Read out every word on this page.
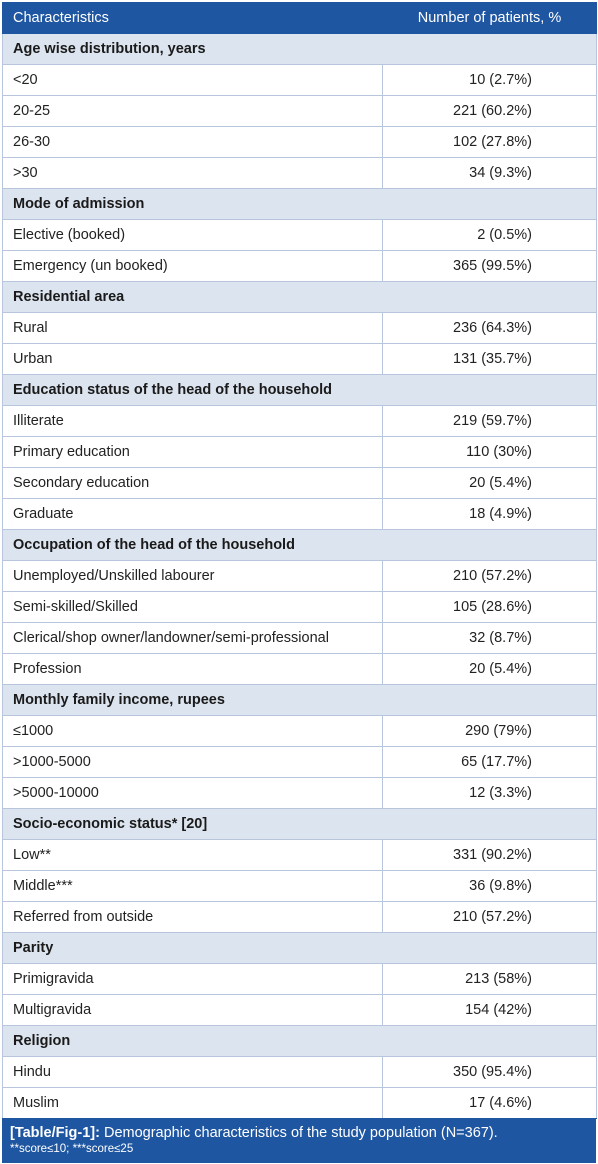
Characteristics	Number of patients, %
Age wise distribution, years	
<20	10 (2.7%)
20-25	221 (60.2%)
26-30	102 (27.8%)
>30	34 (9.3%)
Mode of admission	
Elective (booked)	2 (0.5%)
Emergency (un booked)	365 (99.5%)
Residential area	
Rural	236 (64.3%)
Urban	131 (35.7%)
Education status of the head of the household	
Illiterate	219 (59.7%)
Primary education	110 (30%)
Secondary education	20 (5.4%)
Graduate	18 (4.9%)
Occupation of the head of the household	
Unemployed/Unskilled labourer	210 (57.2%)
Semi-skilled/Skilled	105 (28.6%)
Clerical/shop owner/landowner/semi-professional	32 (8.7%)
Profession	20 (5.4%)
Monthly family income, rupees	
≤1000	290 (79%)
>1000-5000	65 (17.7%)
>5000-10000	12 (3.3%)
Socio-economic status* [20]	
Low**	331 (90.2%)
Middle***	36 (9.8%)
Referred from outside	210 (57.2%)
Parity	
Primigravida	213 (58%)
Multigravida	154 (42%)
Religion	
Hindu	350 (95.4%)
Muslim	17 (4.6%)
[Table/Fig-1]: Demographic characteristics of the study population (N=367).
**score≤10; ***score≤25
